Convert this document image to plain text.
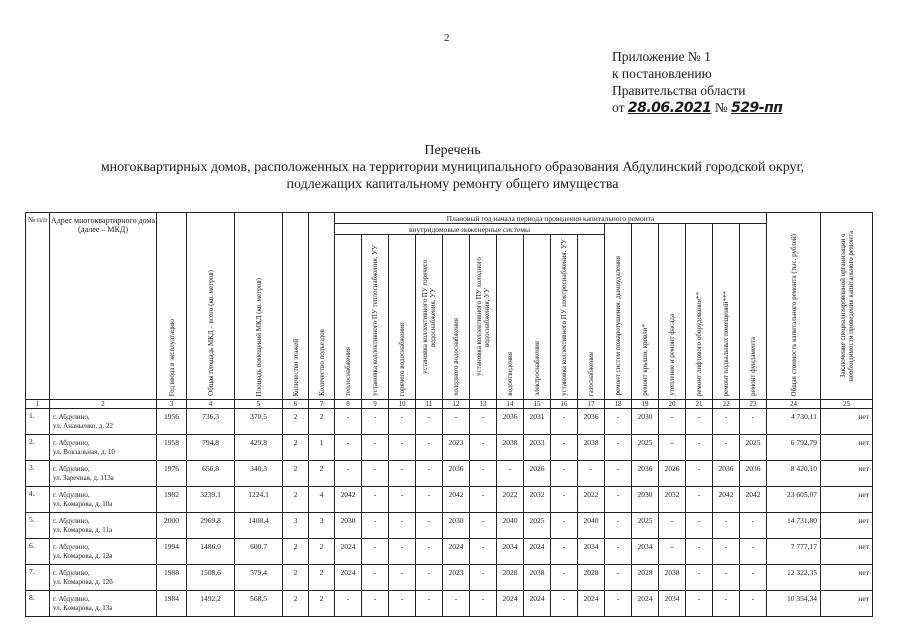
2
Приложение № 1
к постановлению
Правительства области
от 28.06.2021 № 529-пп
Перечень
многоквартирных домов, расположенных на территории муниципального образования Абдулинский городской округ,
подлежащих капитальному ремонту общего имущества
№ п/п	Адрес многоквартирного дома (далее – МКД)	Год ввода в эксплуатацию	Общая площадь МКД – всего (кв. метров)	Площадь помещений МКД (кв. метров)	Количество этажей	Количество подъездов	Плановый год начала периода проведения капитального ремонта																Общая стоимость капитального ремонта (тыс. рублей)	Заключение специализированной организации о необходимости проведения капитального ремонта

							внутридомовые инженерные системы										ремонт систем пожаротушения, дымоудаления	ремонт крыши, кровли*	утепление и ремонт фасада	ремонт лифтового оборудования**	ремонт подвальных помещений***	ремонт фундамента		

							теплоснабжения	установка коллективного ПУ теплоснабжения, УУ	горячего водоснабжения	установка коллективного ПУ горячего водоснабжения, УУ	холодного водоснабжения	установка коллективного ПУ холодного водоснабжения, УУ	водоотведения	электроснабжения	установка коллективного ПУ электроснабжения, УУ	газоснабжения								

1	2	3	4	5	6	7	8	9	10	11	12	13	14	15	16	17	18	19	20	21	22	23	24	25
1.	г. Абдулино,
ул. Ананьенко, д. 22	1956	736,3	370,5	2	2	-	-	-	-	-	-	2036	2031	-	2036	-	2030	-	-	-	-	4 730,11	нет
2.	г. Абдулино,
ул. Вокзальная, д. 10	1958	794,8	429,8	2	1	-	-	-	-	2023	-	2038	2033	-	2038	-	2025	-	-	-	2025	6 792,79	нет
3.	г. Абдулино,
ул. Заречная, д. 113а	1976	656,8	340,3	2	2	-	-	-	-	2036	-	-	2026	-	-	-	2036	2026	-	2036	2036	8 420,10	нет
4.	г. Абдулино,
ул. Комарова, д. 10а	1982	3239,1	1224,1	2	4	2042	-	-	-	2042	-	2022	2032	-	2022	-	2030	2032	-	2042	2042	23 605,07	нет
5.	г. Абдулино,
ул. Комарова, д. 11а	2000	2969,8	1408,4	3	3	2030	-	-	-	2030	-	2040	2025	-	2040	-	2025	-	-	-	-	14 731,80	нет
6.	г. Абдулино,
ул. Комарова, д. 12а	1994	1486,0	600,7	2	2	2024	-	-	-	2024	-	2034	2024	-	2034	-	2034	-	-	-	-	7 777,17	нет
7.	г. Абдулино,
ул. Комарова, д. 12б	1988	1508,6	579,4	2	2	2024	-	-	-	2023	-	2028	2038	-	2028	-	2028	2038	-	-	-	12 322,35	нет
8.	г. Абдулино,
ул. Комарова, д. 13а	1984	1492,2	568,5	2	2	-	-	-	-	-	-	2024	2024	-	2024	-	2024	2034	-	-	-	10 354,34	нет
